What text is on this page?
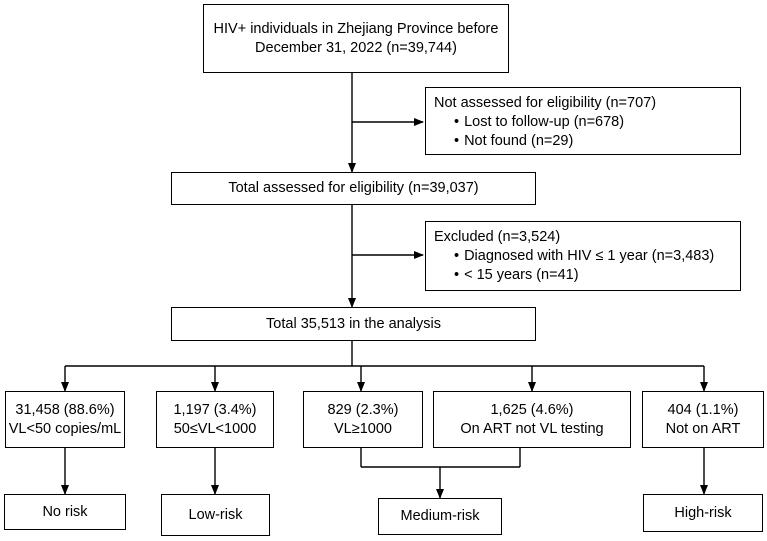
HIV+ individuals in Zhejiang Province before
December 31, 2022 (n=39,744)
Not assessed for eligibility (n=707)
• Lost to follow-up (n=678)
• Not found (n=29)
Total assessed for eligibility (n=39,037)
Excluded (n=3,524)
• Diagnosed with HIV ≤ 1 year (n=3,483)
• < 15 years (n=41)
Total 35,513 in the analysis
31,458 (88.6%)
VL<50 copies/mL
1,197 (3.4%)
50≤VL<1000
829 (2.3%)
VL≥1000
1,625 (4.6%)
On ART not VL testing
404 (1.1%)
Not on ART
No risk	Low-risk	Medium-risk	High-risk
